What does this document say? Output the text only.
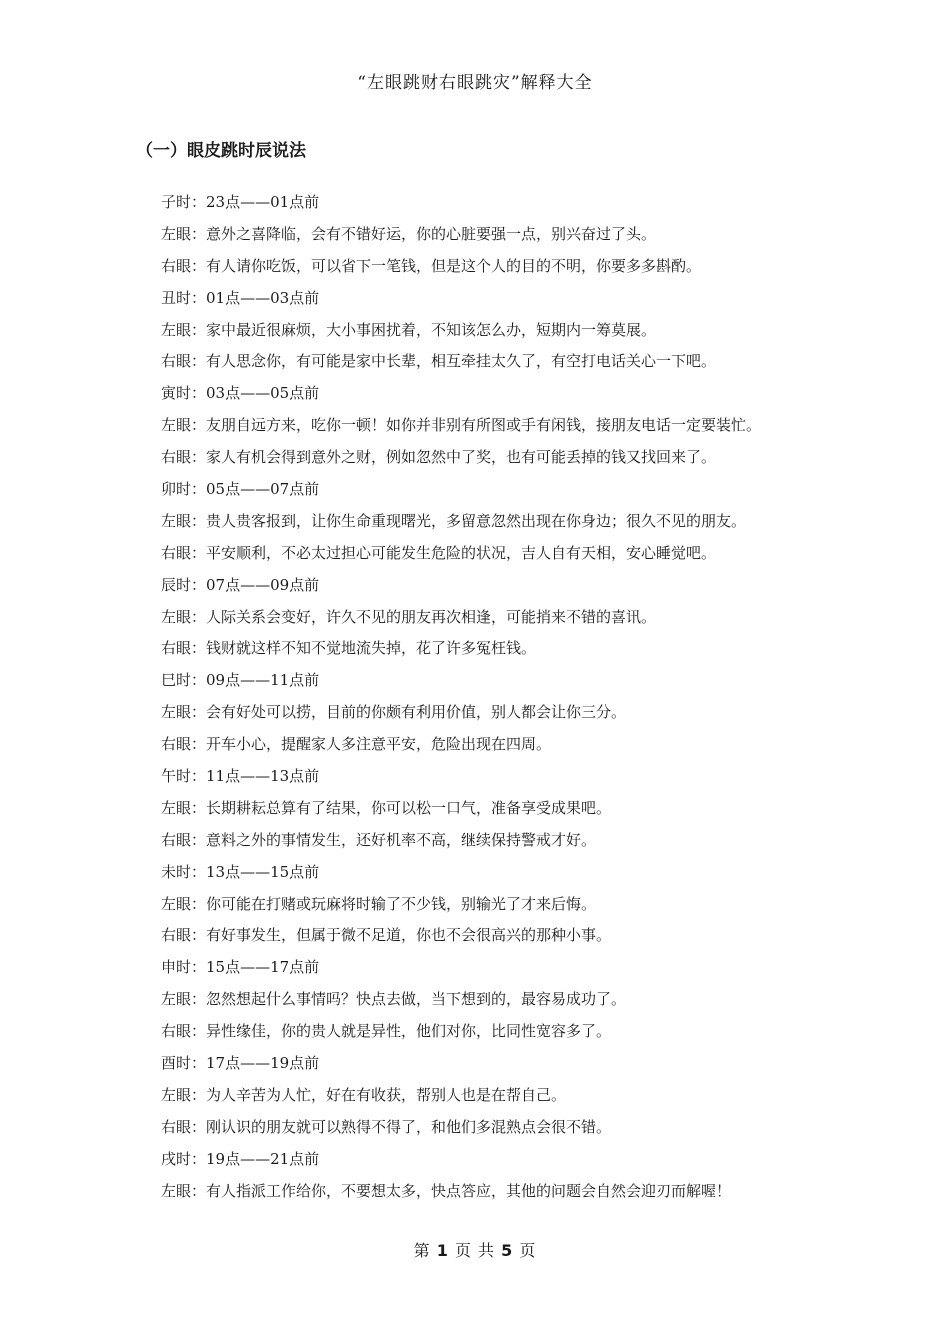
“左眼跳财右眼跳灾”解释大全
（一）眼皮跳时辰说法
子时：23点——01点前
左眼：意外之喜降临，会有不错好运，你的心脏要强一点，别兴奋过了头。
右眼：有人请你吃饭，可以省下一笔钱，但是这个人的目的不明，你要多多斟酌。
丑时：01点——03点前
左眼：家中最近很麻烦，大小事困扰着，不知该怎么办，短期内一筹莫展。
右眼：有人思念你，有可能是家中长辈，相互牵挂太久了，有空打电话关心一下吧。
寅时：03点——05点前
左眼：友朋自远方来，吃你一顿！如你并非别有所图或手有闲钱，接朋友电话一定要装忙。
右眼：家人有机会得到意外之财，例如忽然中了奖，也有可能丢掉的钱又找回来了。
卯时：05点——07点前
左眼：贵人贵客报到，让你生命重现曙光，多留意忽然出现在你身边；很久不见的朋友。
右眼：平安顺利，不必太过担心可能发生危险的状况，吉人自有天相，安心睡觉吧。
辰时：07点——09点前
左眼：人际关系会变好，许久不见的朋友再次相逢，可能捎来不错的喜讯。
右眼：钱财就这样不知不觉地流失掉，花了许多冤枉钱。
巳时：09点——11点前
左眼：会有好处可以捞，目前的你颇有利用价值，别人都会让你三分。
右眼：开车小心，提醒家人多注意平安，危险出现在四周。
午时：11点——13点前
左眼：长期耕耘总算有了结果，你可以松一口气，准备享受成果吧。
右眼：意料之外的事情发生，还好机率不高，继续保持警戒才好。
未时：13点——15点前
左眼：你可能在打赌或玩麻将时输了不少钱，别输光了才来后悔。
右眼：有好事发生，但属于微不足道，你也不会很高兴的那种小事。
申时：15点——17点前
左眼：忽然想起什么事情吗？快点去做，当下想到的，最容易成功了。
右眼：异性缘佳，你的贵人就是异性，他们对你，比同性宽容多了。
酉时：17点——19点前
左眼：为人辛苦为人忙，好在有收获，帮别人也是在帮自己。
右眼：刚认识的朋友就可以熟得不得了，和他们多混熟点会很不错。
戌时：19点——21点前
左眼：有人指派工作给你，不要想太多，快点答应，其他的问题会自然会迎刃而解喔！
第 1 页 共 5 页
